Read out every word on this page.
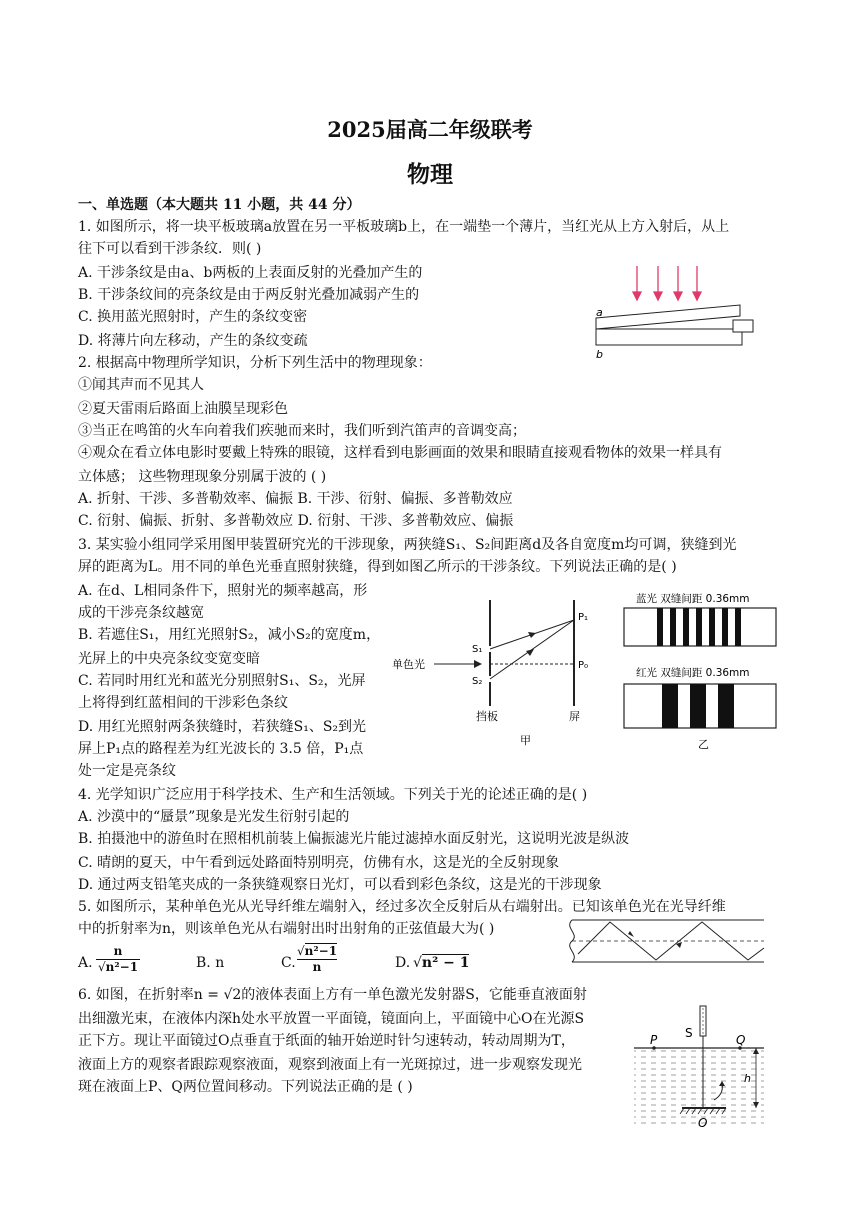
2025届高二年级联考
物理
一、单选题（本大题共 11 小题，共 44 分）
1. 如图所示，将一块平板玻璃a放置在另一平板玻璃b上，在一端垫一个薄片，当红光从上方入射后，从上
往下可以看到干涉条纹．则( )
A. 干涉条纹是由a、b两板的上表面反射的光叠加产生的
B. 干涉条纹间的亮条纹是由于两反射光叠加减弱产生的
C. 换用蓝光照射时，产生的条纹变密
D. 将薄片向左移动，产生的条纹变疏
2. 根据高中物理所学知识，分析下列生活中的物理现象：
①闻其声而不见其人
②夏天雷雨后路面上油膜呈现彩色
③当正在鸣笛的火车向着我们疾驰而来时，我们听到汽笛声的音调变高；
④观众在看立体电影时要戴上特殊的眼镜，这样看到电影画面的效果和眼睛直接观看物体的效果一样具有
立体感； 这些物理现象分别属于波的 ( )
A. 折射、干涉、多普勒效率、偏振 B. 干涉、衍射、偏振、多普勒效应
C. 衍射、偏振、折射、多普勒效应 D. 衍射、干涉、多普勒效应、偏振
3. 某实验小组同学采用图甲装置研究光的干涉现象，两狭缝S₁、S₂间距离d及各自宽度m均可调，狭缝到光
屏的距离为L。用不同的单色光垂直照射狭缝，得到如图乙所示的干涉条纹。下列说法正确的是( )
A. 在d、L相同条件下，照射光的频率越高，形
成的干涉亮条纹越宽
B. 若遮住S₁，用红光照射S₂，减小S₂的宽度m，
光屏上的中央亮条纹变宽变暗
C. 若同时用红光和蓝光分别照射S₁、S₂，光屏
上将得到红蓝相间的干涉彩色条纹
D. 用红光照射两条狭缝时，若狭缝S₁、S₂到光
屏上P₁点的路程差为红光波长的 3.5 倍，P₁点
处一定是亮条纹
4. 光学知识广泛应用于科学技术、生产和生活领域。下列关于光的论述正确的是( )
A. 沙漠中的“蜃景”现象是光发生衍射引起的
B. 拍摄池中的游鱼时在照相机前装上偏振滤光片能过滤掉水面反射光，这说明光波是纵波
C. 晴朗的夏天，中午看到远处路面特别明亮，仿佛有水，这是光的全反射现象
D. 通过两支铅笔夹成的一条狭缝观察日光灯，可以看到彩色条纹，这是光的干涉现象
5. 如图所示，某种单色光从光导纤维左端射入，经过多次全反射后从右端射出。已知该单色光在光导纤维
中的折射率为n，则该单色光从右端射出时出射角的正弦值最大为( )
A. $\frac{n}{\text{√n²−1}}$	B. n	C. $\frac{\text{√n²−1}}{n}$	D. √n² − 1
6. 如图，在折射率n = √2的液体表面上方有一单色激光发射器S，它能垂直液面射
出细激光束，在液体内深h处水平放置一平面镜，镜面向上，平面镜中心O在光源S
正下方。现让平面镜过O点垂直于纸面的轴开始逆时针匀速转动，转动周期为T，
液面上方的观察者跟踪观察液面，观察到液面上有一光斑掠过，进一步观察发现光
斑在液面上P、Q两位置间移动。下列说法正确的是 ( )
a
b
单色光
S₁
S₂
P₁
P₀
挡板	屏
甲
蓝光 双缝间距 0.36mm
红光 双缝间距 0.36mm
乙
S
P	Q
h
O
